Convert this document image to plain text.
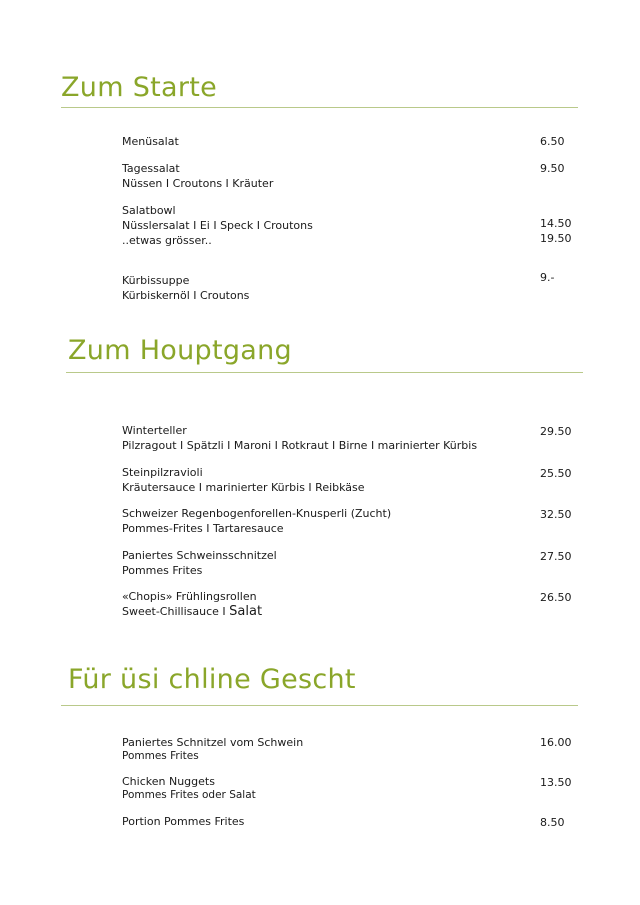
Zum Starte
Menüsalat	6.50
Tagessalat
Nüssen I Croutons I Kräuter
9.50
Salatbowl
Nüsslersalat I Ei I Speck I Croutons
..etwas grösser..
14.50
19.50
Kürbissuppe
Kürbiskernöl I Croutons
9.-
Zum Houptgang
Winterteller
Pilzragout I Spätzli I Maroni I Rotkraut I Birne I marinierter Kürbis
29.50
Steinpilzravioli
Kräutersauce I marinierter Kürbis I Reibkäse
25.50
Schweizer Regenbogenforellen-Knusperli (Zucht)
Pommes-Frites I Tartaresauce
32.50
Paniertes Schweinsschnitzel
Pommes Frites
27.50
«Chopis» Frühlingsrollen
Sweet-Chillisauce I Salat
26.50
Für üsi chline Gescht
Paniertes Schnitzel vom Schwein
Pommes Frites
16.00
Chicken Nuggets
Pommes Frites oder Salat
13.50
Portion Pommes Frites	8.50
